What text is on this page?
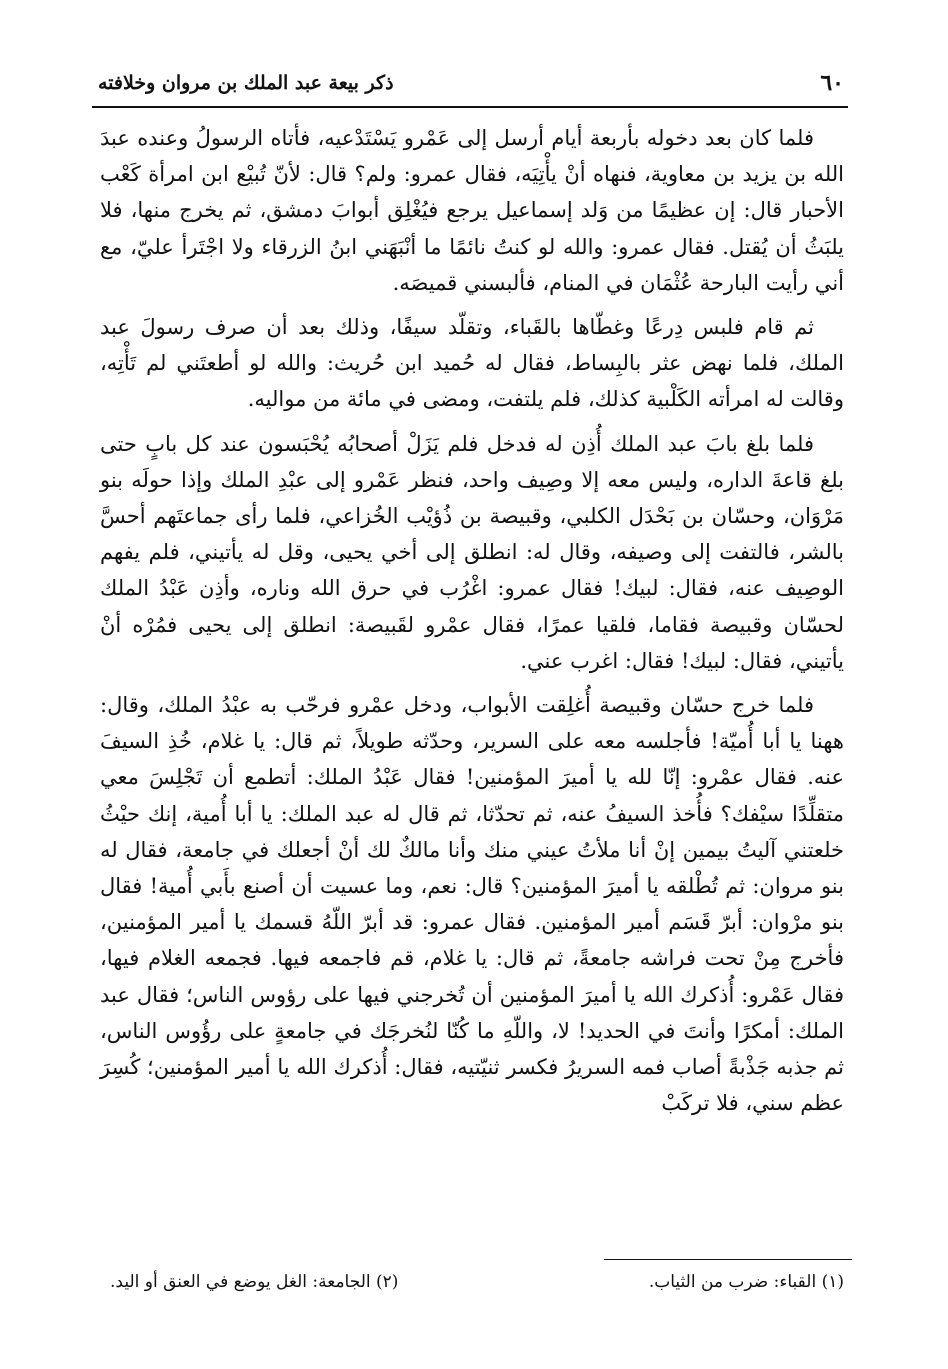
٦٠
ذكر بيعة عبد الملك بن مروان وخلافته

فلما كان بعد دخوله بأربعة أيام أرسل إلى عَمْرو يَسْتَدْعيه، فأتاه الرسولُ وعنده عبدَ الله بن يزيد بن معاوية، فنهاه أنْ يأْتِيَه، فقال عمرو: ولم؟ قال: لأنّ تُبيْع ابن امرأة كَعْب الأحبار قال: إن عظيمًا من وَلد إسماعيل يرجع فيُغْلِق أبوابَ دمشق، ثم يخرج منها، فلا يلبَثُ أن يُقتل. فقال عمرو: والله لو كنتُ نائمًا ما أنْبَهَني ابنُ الزرقاء ولا اجْتَرأ عليّ، مع أني رأيت البارحة عُثْمَان في المنام، فألبسني قميصَه.

ثم قام فلبس دِرعًا وغطّاها بالقَباء، وتقلّد سيفًا، وذلك بعد أن صرف رسولَ عبد الملك، فلما نهض عثر بالبِساط، فقال له حُميد ابن حُريث: والله لو أطعتَني لم تَأْتِه، وقالت له امرأته الكَلْبية كذلك، فلم يلتفت، ومضى في مائة من مواليه.

فلما بلغ بابَ عبد الملك أُذِن له فدخل فلم يَزَلْ أصحابُه يُحْبَسون عند كل بابٍ حتى بلغ قاعةَ الداره، وليس معه إلا وصِيف واحد، فنظر عَمْرو إلى عبْدِ الملك وإذا حولَه بنو مَرْوَان، وحسّان بن بَحْدَل الكلبي، وقبيصة بن ذُؤيْب الخُزاعي، فلما رأى جماعتَهم أحسَّ بالشر، فالتفت إلى وصيفه، وقال له: انطلق إلى أخي يحيى، وقل له يأتيني، فلم يفهم الوصِيف عنه، فقال: لبيك! فقال عمرو: اغْرُب في حرق الله وناره، وأذِن عَبْدُ الملك لحسّان وقبيصة فقاما، فلقيا عمرًا، فقال عمْرو لقَبيصة: انطلق إلى يحيى فمُرْه أنْ يأتيني، فقال: لبيك! فقال: اغرب عني.

فلما خرج حسّان وقبيصة أُغلِقت الأبواب، ودخل عمْرو فرحّب به عبْدُ الملك، وقال: ههنا يا أبا أُميّة! فأجلسه معه على السرير، وحدّثه طويلاً، ثم قال: يا غلام، خُذِ السيفَ عنه. فقال عمْرو: إنّا لله يا أميرَ المؤمنين! فقال عَبْدُ الملك: أتطمع أن تَجْلِسَ معي متقلِّدًا سيْفك؟ فأُخذ السيفُ عنه، ثم تحدّثا، ثم قال له عبد الملك: يا أبا أُمية، إنك حيْثُ خلعتني آليتُ بيمين إنْ أنا ملأتُ عيني منك وأنا مالكٌ لك أنْ أجعلك في جامعة، فقال له بنو مروان: ثم تُطْلقه يا أميرَ المؤمنين؟ قال: نعم، وما عسيت أن أصنع بأَبي أُمية! فقال بنو مرْوان: أبرّ قَسَم أمير المؤمنين. فقال عمرو: قد أبرّ اللّهُ قسمك يا أمير المؤمنين، فأخرج مِنْ تحت فراشه جامعةً، ثم قال: يا غلام، قم فاجمعه فيها. فجمعه الغلام فيها، فقال عَمْرو: أُذكرك الله يا أميرَ المؤمنين أن تُخرجني فيها على رؤوس الناس؛ فقال عبد الملك: أمكرًا وأنتَ في الحديد! لا، واللّهِ ما كُنّا لنُخرجَك في جامعةٍ على رؤُوس الناس، ثم جذبه جَذْبةً أصاب فمه السريرُ فكسر ثنيّتيه، فقال: أُذكرك الله يا أمير المؤمنين؛ كُسِرَ عظم سني، فلا تركَبْ

(١) القباء: ضرب من الثياب.
(٢) الجامعة: الغل يوضع في العنق أو اليد.
